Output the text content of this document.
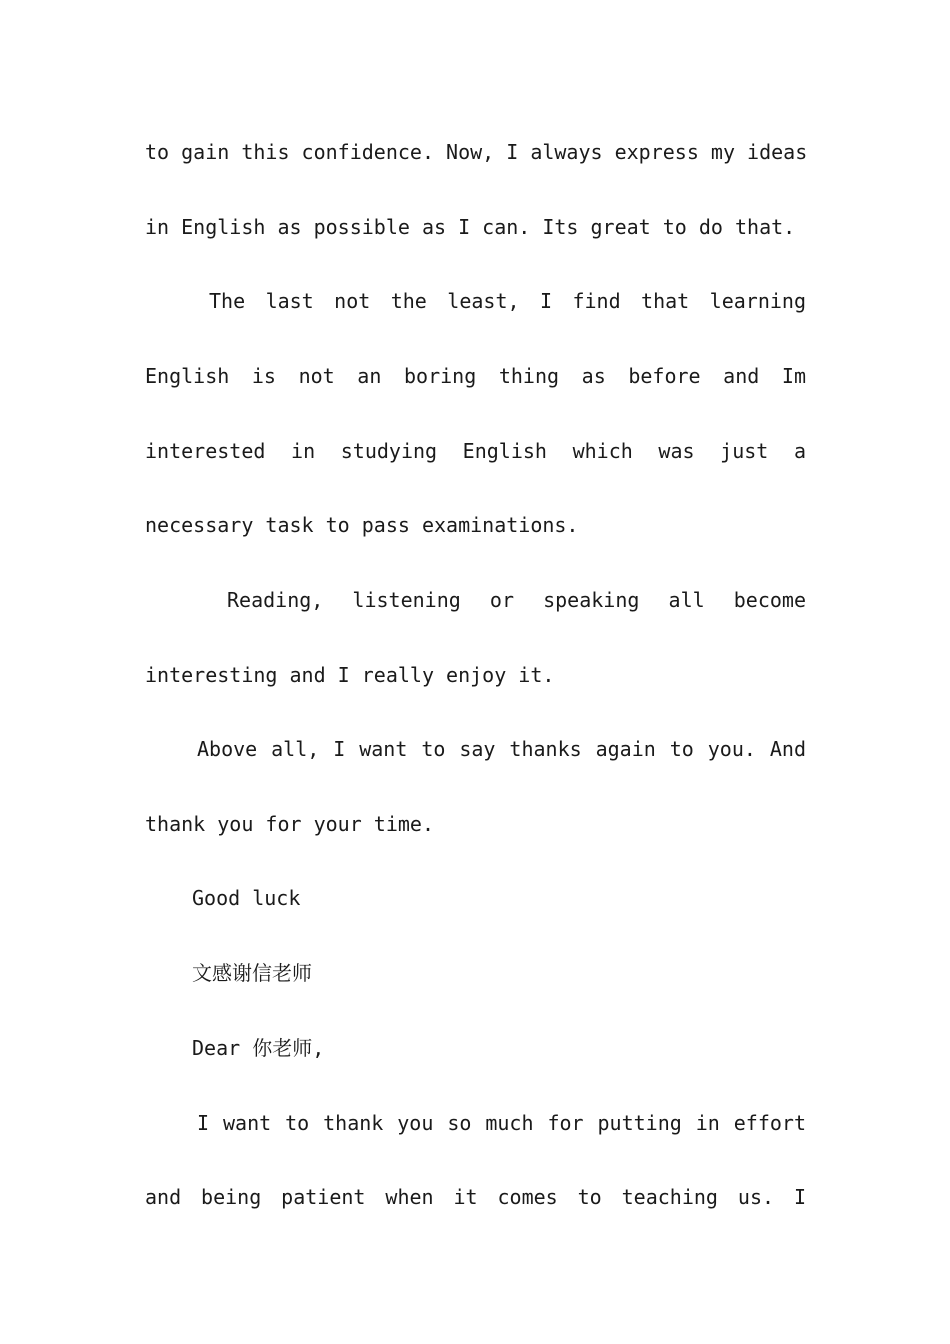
to gain this confidence. Now, I always express my ideas
in English as possible as I can. Its great to do that.
The last not the least, I find that learning
English is not an boring thing as before and Im
interested in studying English which was just a
necessary task to pass examinations.
Reading, listening or speaking all become
interesting and I really enjoy it.
Above all, I want to say thanks again to you. And
thank you for your time.
Good luck
文感谢信老师
Dear 你老师,
I want to thank you so much for putting in effort
and being patient when it comes to teaching us. I
